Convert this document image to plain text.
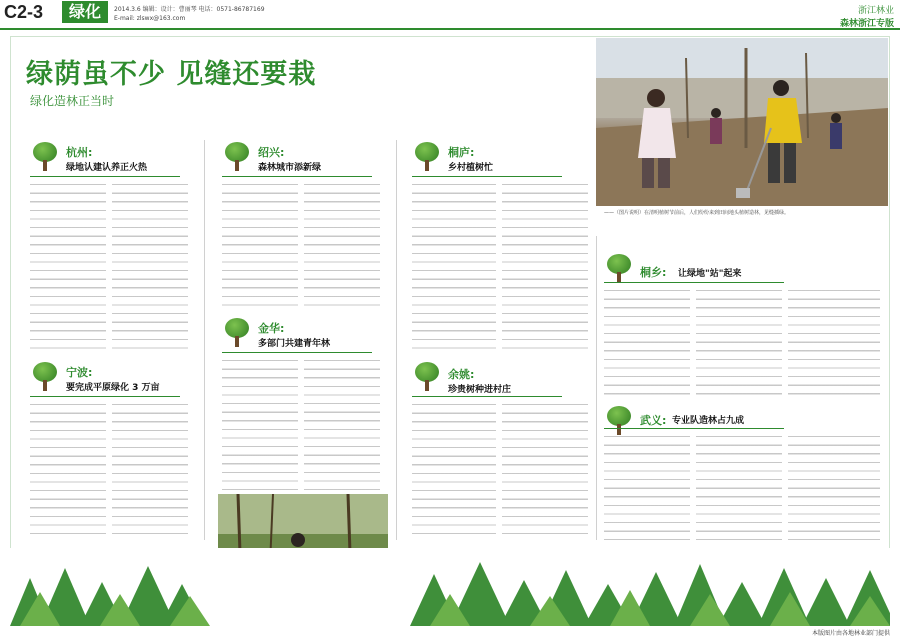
C2-3	绿化	2014.3.6 编辑：设计：曹丽琴 电话：0571-86787169
E-mail: zlswx@163.com
浙江林业
森林浙江专版
绿荫虽不少 见缝还要栽
绿化造林正当时
——（图片说明）在清明植树节前后，人们纷纷来到田间地头植树造林，见缝插绿。
杭州:
绿地认建认养正火热
绍兴:
森林城市添新绿
桐庐:
乡村植树忙
宁波:
要完成平原绿化 3 万亩
金华:
多部门共建青年林
桐乡: 让绿地"站"起来
余姚:
珍贵树种进村庄
武义: 专业队造林占九成
本版图片由各地林业部门提供
